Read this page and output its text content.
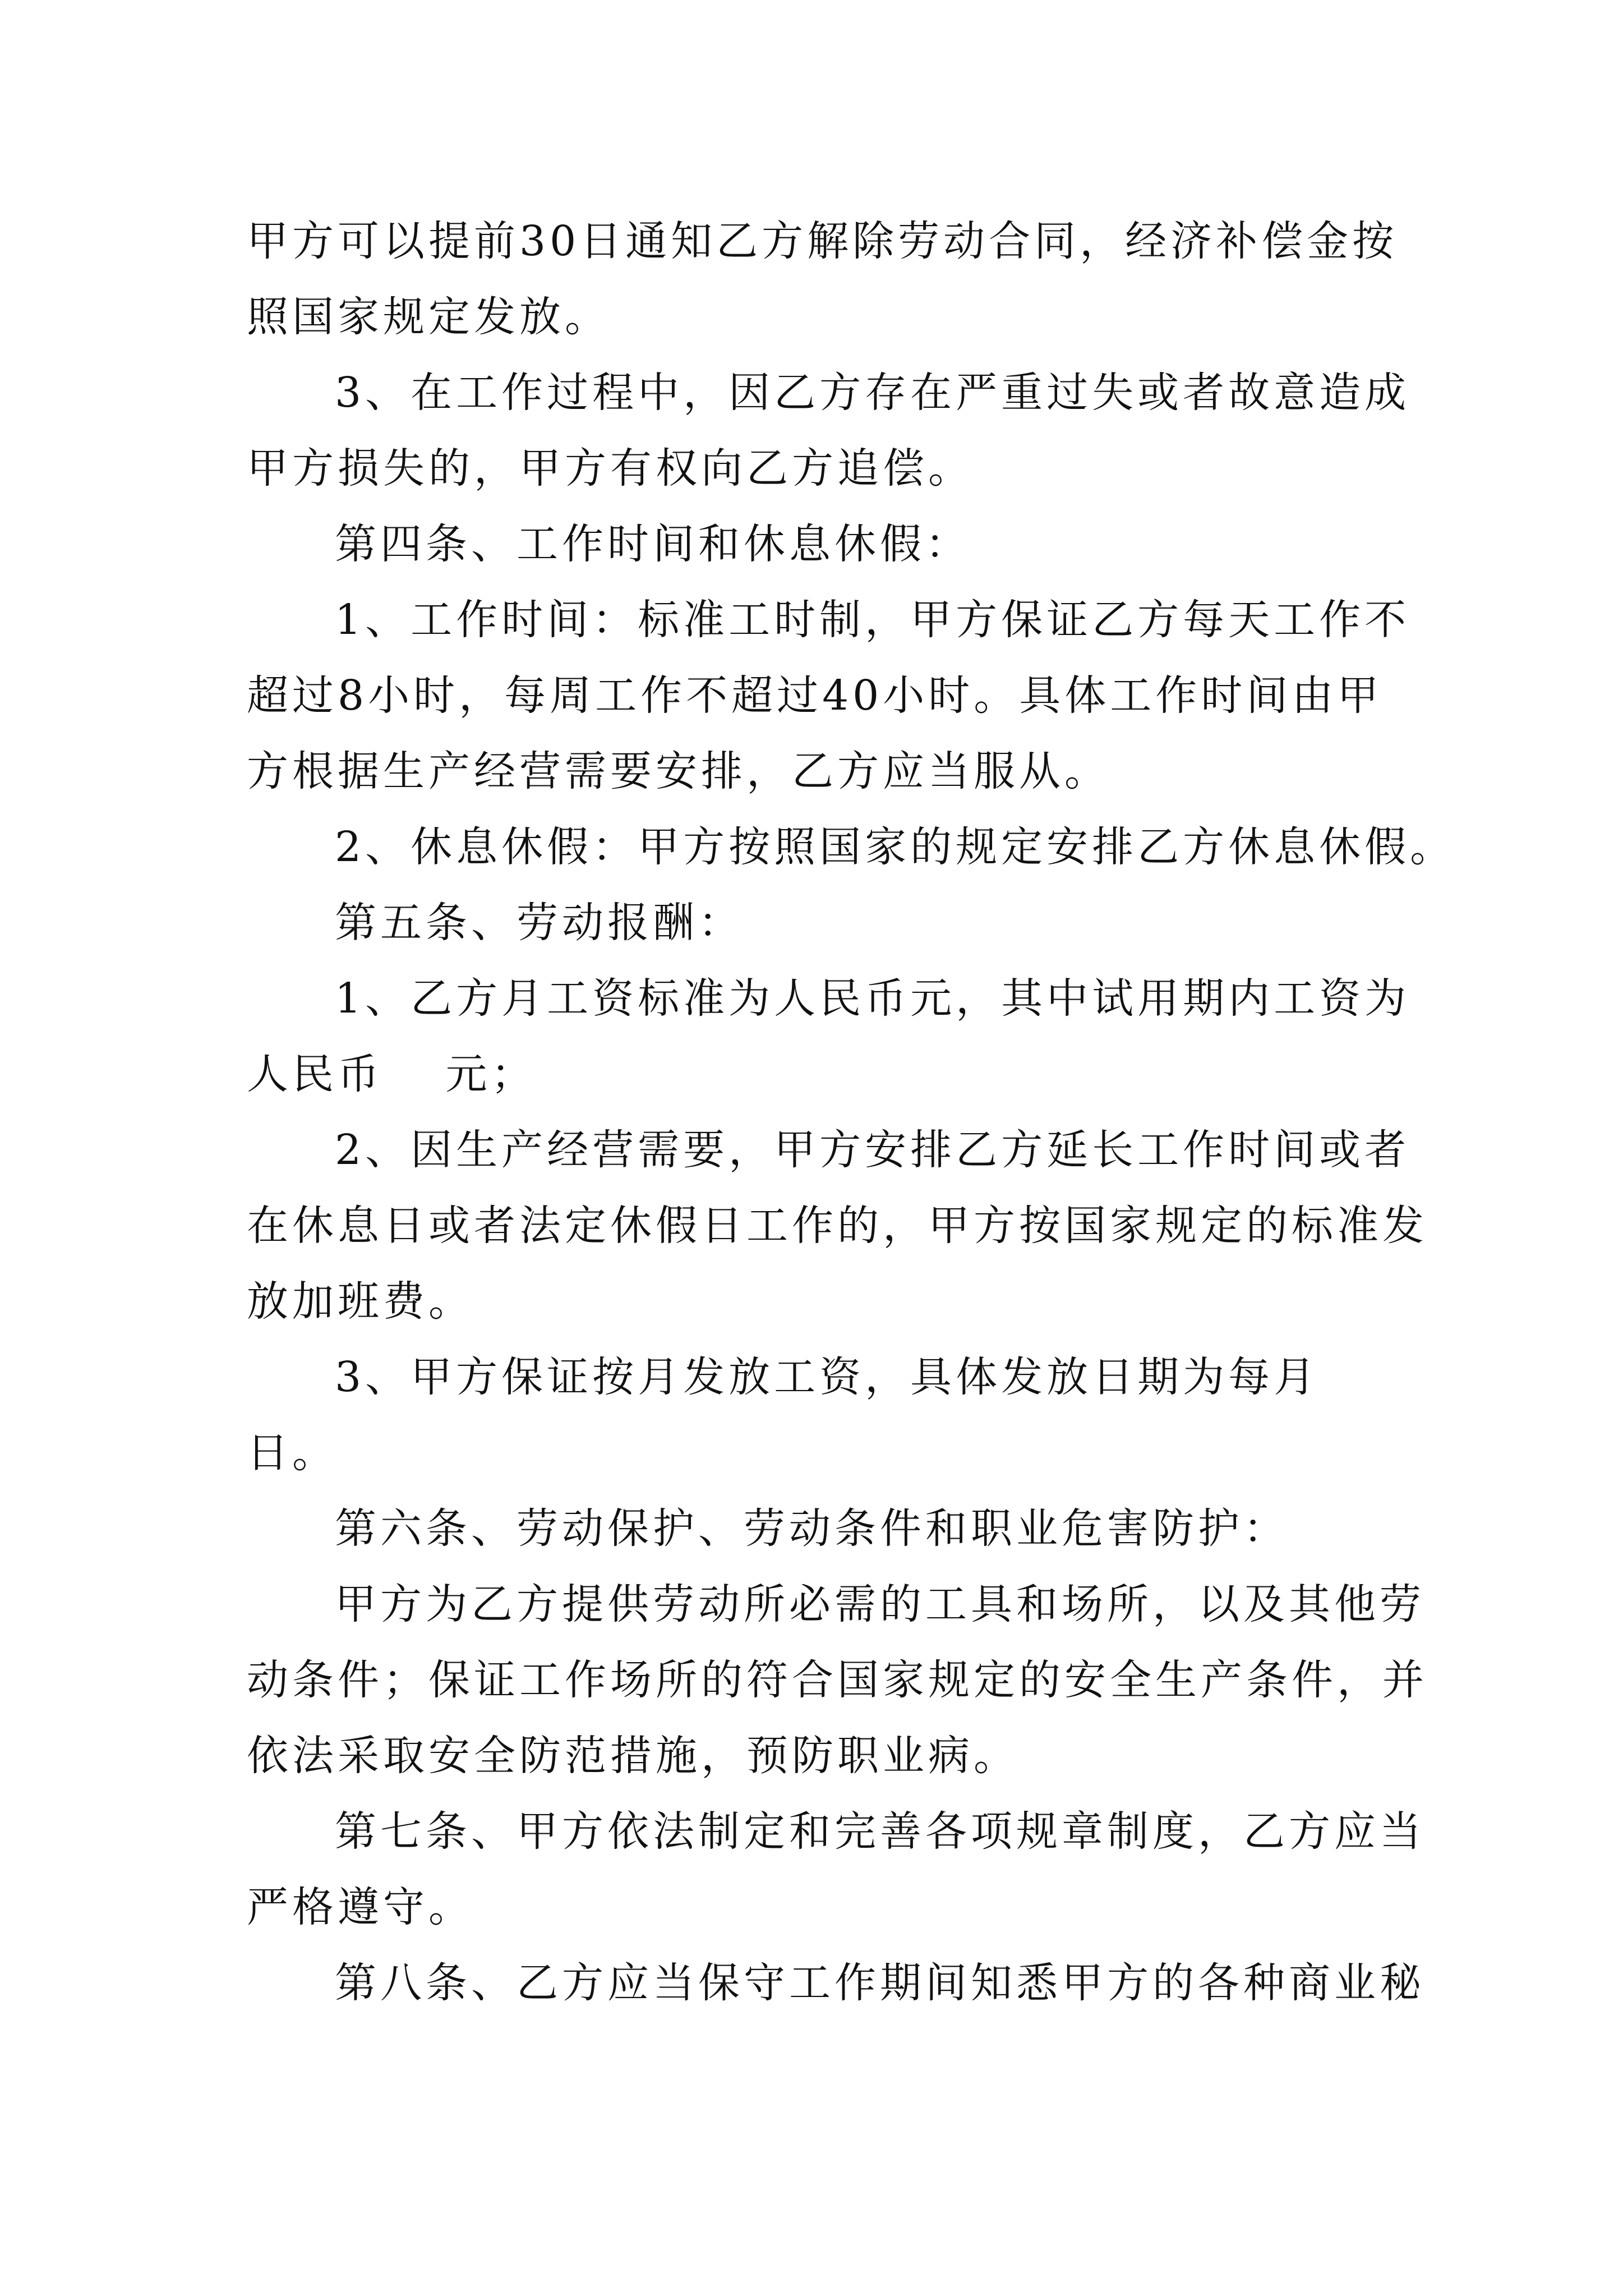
甲方可以提前30日通知乙方解除劳动合同，经济补偿金按

照国家规定发放。

3、在工作过程中，因乙方存在严重过失或者故意造成

甲方损失的，甲方有权向乙方追偿。

第四条、工作时间和休息休假：

1、工作时间：标准工时制，甲方保证乙方每天工作不

超过8小时，每周工作不超过40小时。具体工作时间由甲

方根据生产经营需要安排，乙方应当服从。

2、休息休假：甲方按照国家的规定安排乙方休息休假。

第五条、劳动报酬：

1、乙方月工资标准为人民币元，其中试用期内工资为

人民币　 元；

2、因生产经营需要，甲方安排乙方延长工作时间或者

在休息日或者法定休假日工作的，甲方按国家规定的标准发

放加班费。

3、甲方保证按月发放工资，具体发放日期为每月

日。

第六条、劳动保护、劳动条件和职业危害防护：

甲方为乙方提供劳动所必需的工具和场所，以及其他劳

动条件；保证工作场所的符合国家规定的安全生产条件，并

依法采取安全防范措施，预防职业病。

第七条、甲方依法制定和完善各项规章制度，乙方应当

严格遵守。

第八条、乙方应当保守工作期间知悉甲方的各种商业秘
